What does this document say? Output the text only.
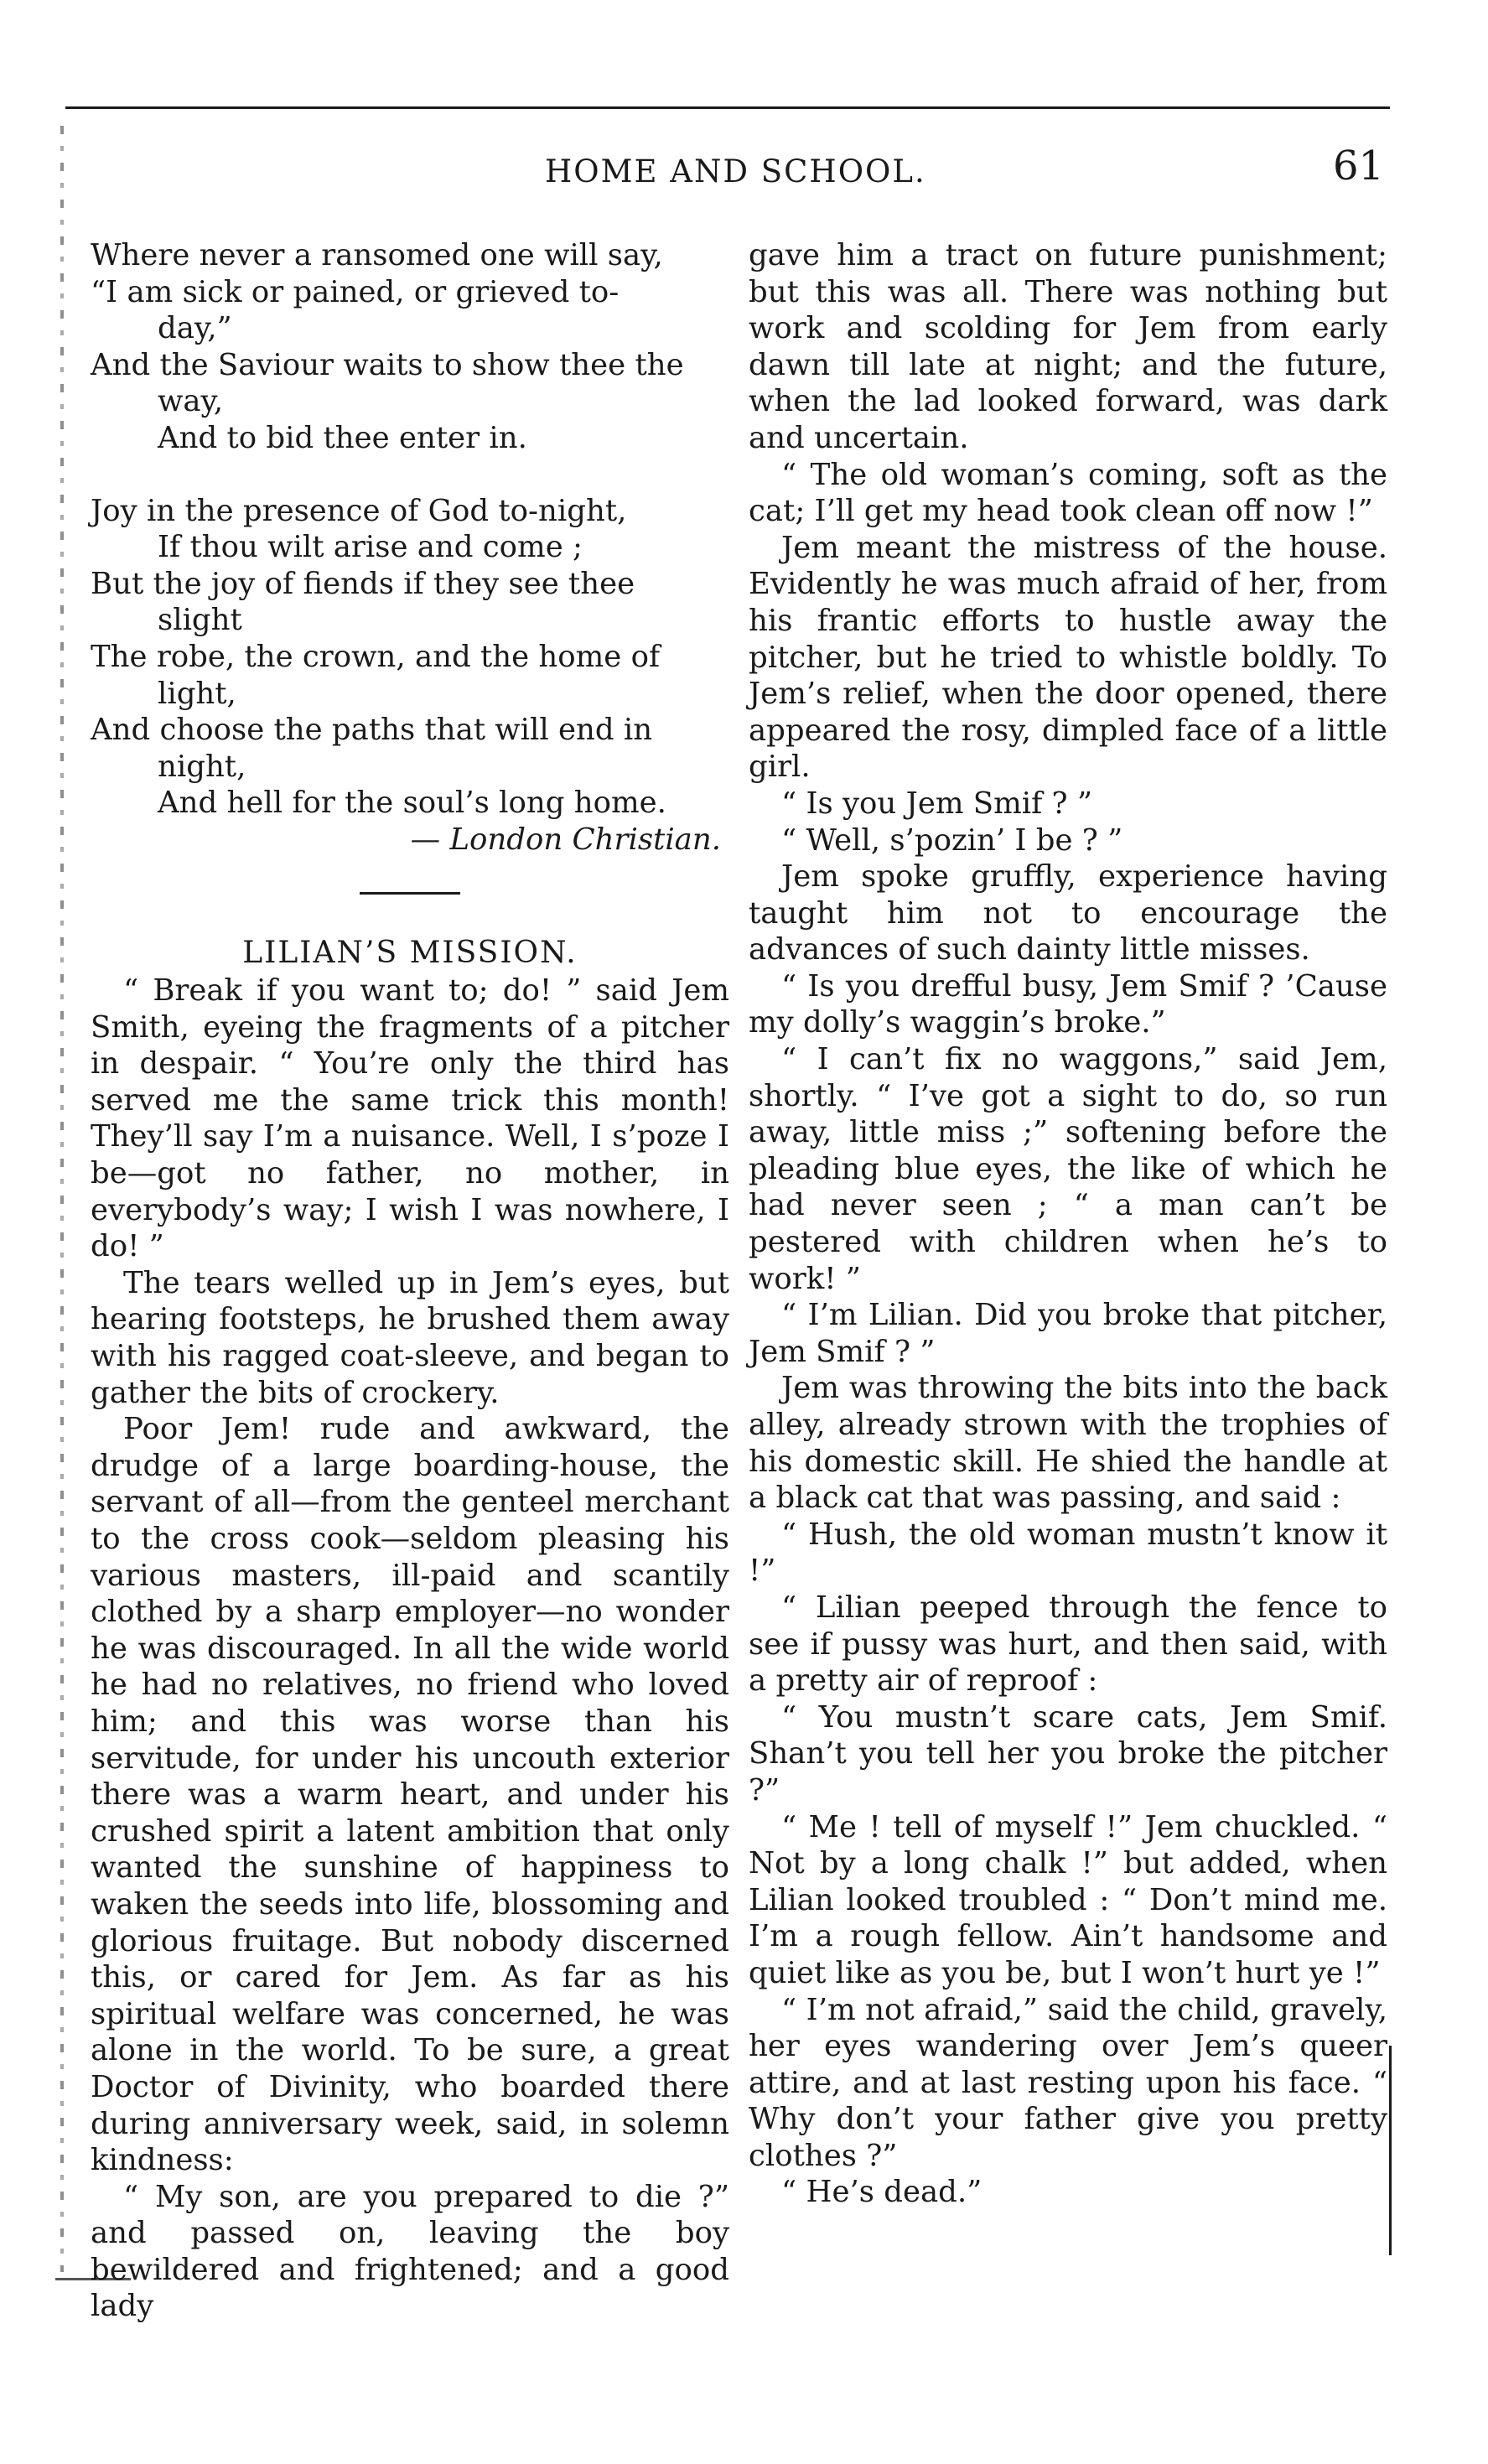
HOME AND SCHOOL.	61
Where never a ransomed one will say,
“I am sick or pained, or grieved to-
day,”
And the Saviour waits to show thee the
way,
And to bid thee enter in.
Joy in the presence of God to-night,
If thou wilt arise and come ;
But the joy of fiends if they see thee
slight
The robe, the crown, and the home of
light,
And choose the paths that will end in
night,
And hell for the soul’s long home.
— London Christian.
LILIAN’S MISSION.

“ Break if you want to; do! ” said Jem Smith, eyeing the fragments of a pitcher in despair. “ You’re only the third has served me the same trick this month! They’ll say I’m a nuisance. Well, I s’poze I be—got no father, no mother, in everybody’s way; I wish I was nowhere, I do! ”

The tears welled up in Jem’s eyes, but hearing footsteps, he brushed them away with his ragged coat-sleeve, and began to gather the bits of crockery.

Poor Jem! rude and awkward, the drudge of a large boarding-house, the servant of all—from the genteel merchant to the cross cook—seldom pleasing his various masters, ill-paid and scantily clothed by a sharp employer—no wonder he was discouraged. In all the wide world he had no relatives, no friend who loved him; and this was worse than his servitude, for under his uncouth exterior there was a warm heart, and under his crushed spirit a latent ambition that only wanted the sunshine of happiness to waken the seeds into life, blossoming and glorious fruitage. But nobody discerned this, or cared for Jem. As far as his spiritual welfare was concerned, he was alone in the world. To be sure, a great Doctor of Divinity, who boarded there during anniversary week, said, in solemn kindness:

“ My son, are you prepared to die ?” and passed on, leaving the boy bewildered and frightened; and a good lady

gave him a tract on future punishment; but this was all. There was nothing but work and scolding for Jem from early dawn till late at night; and the future, when the lad looked forward, was dark and uncertain.

“ The old woman’s coming, soft as the cat; I’ll get my head took clean off now !”

Jem meant the mistress of the house. Evidently he was much afraid of her, from his frantic efforts to hustle away the pitcher, but he tried to whistle boldly. To Jem’s relief, when the door opened, there appeared the rosy, dimpled face of a little girl.

“ Is you Jem Smif ? ”

“ Well, s’pozin’ I be ? ”

Jem spoke gruffly, experience having taught him not to encourage the advances of such dainty little misses.

“ Is you drefful busy, Jem Smif ? ’Cause my dolly’s waggin’s broke.”

“ I can’t fix no waggons,” said Jem, shortly. “ I’ve got a sight to do, so run away, little miss ;” softening before the pleading blue eyes, the like of which he had never seen ; “ a man can’t be pestered with children when he’s to work! ”

“ I’m Lilian. Did you broke that pitcher, Jem Smif ? ”

Jem was throwing the bits into the back alley, already strown with the trophies of his domestic skill. He shied the handle at a black cat that was passing, and said :

“ Hush, the old woman mustn’t know it !”

“ Lilian peeped through the fence to see if pussy was hurt, and then said, with a pretty air of reproof :

“ You mustn’t scare cats, Jem Smif. Shan’t you tell her you broke the pitcher ?”

“ Me ! tell of myself !” Jem chuckled. “ Not by a long chalk !” but added, when Lilian looked troubled : “ Don’t mind me. I’m a rough fellow. Ain’t handsome and quiet like as you be, but I won’t hurt ye !”

“ I’m not afraid,” said the child, gravely, her eyes wandering over Jem’s queer attire, and at last resting upon his face. “ Why don’t your father give you pretty clothes ?”

“ He’s dead.”
